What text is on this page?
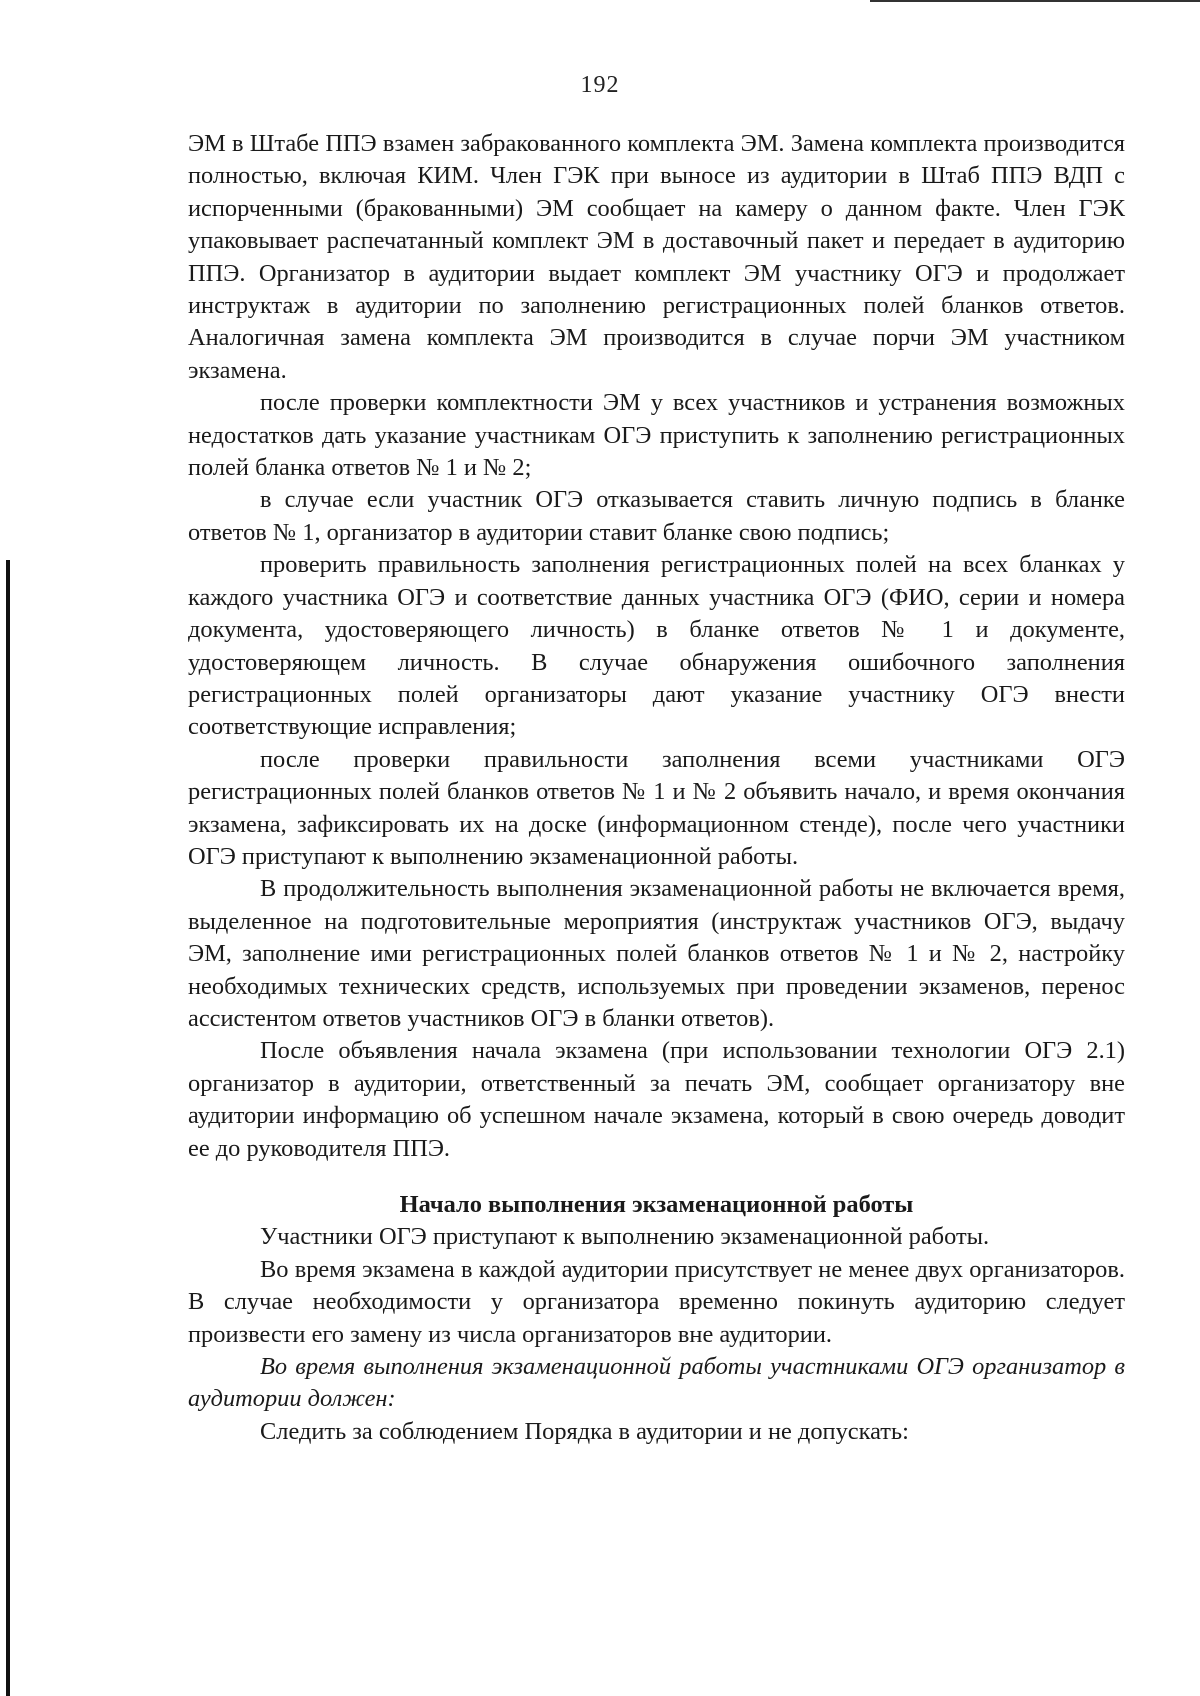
192

ЭМ в Штабе ППЭ взамен забракованного комплекта ЭМ. Замена комплекта производится полностью, включая КИМ. Член ГЭК при выносе из аудитории в Штаб ППЭ ВДП с испорченными (бракованными) ЭМ сообщает на камеру о данном факте. Член ГЭК упаковывает распечатанный комплект ЭМ в доставочный пакет и передает в аудиторию ППЭ. Организатор в аудитории выдает комплект ЭМ участнику ОГЭ и продолжает инструктаж в аудитории по заполнению регистрационных полей бланков ответов. Аналогичная замена комплекта ЭМ производится в случае порчи ЭМ участником экзамена.

после проверки комплектности ЭМ у всех участников и устранения возможных недостатков дать указание участникам ОГЭ приступить к заполнению регистрационных полей бланка ответов № 1 и № 2;

в случае если участник ОГЭ отказывается ставить личную подпись в бланке ответов № 1, организатор в аудитории ставит бланке свою подпись;

проверить правильность заполнения регистрационных полей на всех бланках у каждого участника ОГЭ и соответствие данных участника ОГЭ (ФИО, серии и номера документа, удостоверяющего личность) в бланке ответов № 1 и документе, удостоверяющем личность. В случае обнаружения ошибочного заполнения регистрационных полей организаторы дают указание участнику ОГЭ внести соответствующие исправления;

после проверки правильности заполнения всеми участниками ОГЭ регистрационных полей бланков ответов № 1 и № 2 объявить начало, и время окончания экзамена, зафиксировать их на доске (информационном стенде), после чего участники ОГЭ приступают к выполнению экзаменационной работы.

В продолжительность выполнения экзаменационной работы не включается время, выделенное на подготовительные мероприятия (инструктаж участников ОГЭ, выдачу ЭМ, заполнение ими регистрационных полей бланков ответов № 1 и № 2, настройку необходимых технических средств, используемых при проведении экзаменов, перенос ассистентом ответов участников ОГЭ в бланки ответов).

После объявления начала экзамена (при использовании технологии ОГЭ 2.1) организатор в аудитории, ответственный за печать ЭМ, сообщает организатору вне аудитории информацию об успешном начале экзамена, который в свою очередь доводит ее до руководителя ППЭ.

Начало выполнения экзаменационной работы

Участники ОГЭ приступают к выполнению экзаменационной работы.

Во время экзамена в каждой аудитории присутствует не менее двух организаторов. В случае необходимости у организатора временно покинуть аудиторию следует произвести его замену из числа организаторов вне аудитории.

Во время выполнения экзаменационной работы участниками ОГЭ организатор в аудитории должен:

Следить за соблюдением Порядка в аудитории и не допускать:
